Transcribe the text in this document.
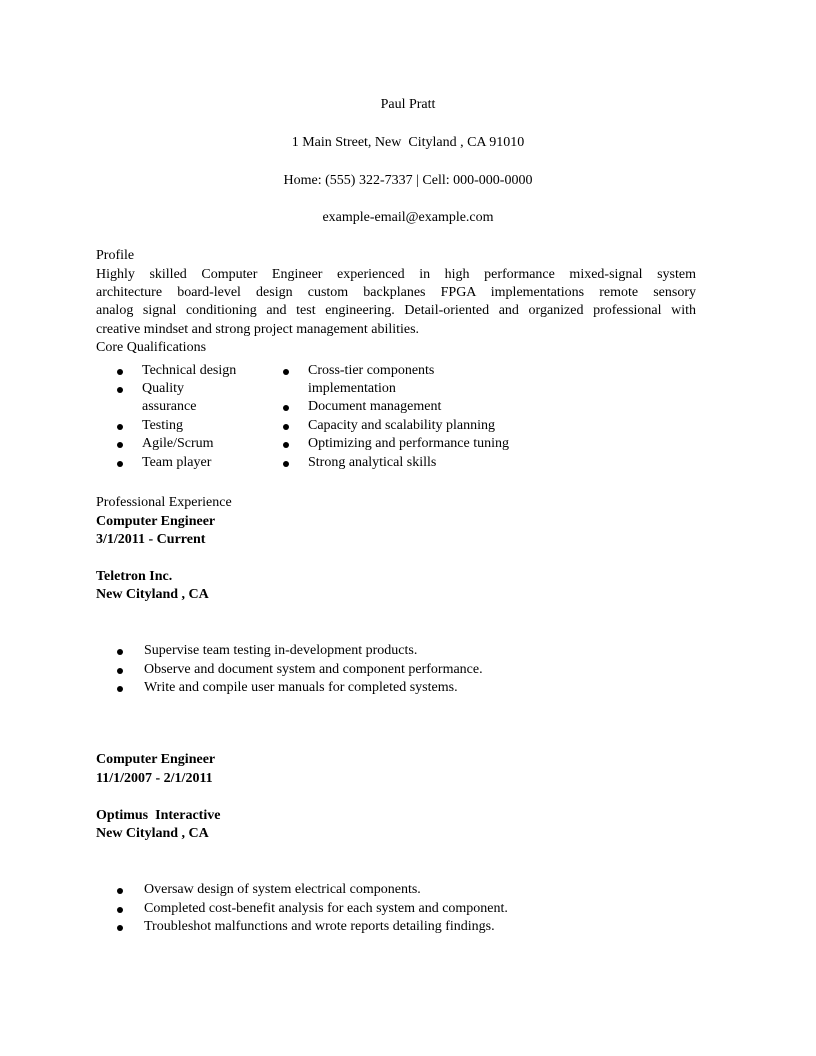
Paul Pratt
1 Main Street, New  Cityland , CA 91010
Home: (555) 322-7337 | Cell: 000-000-0000
example-email@example.com
Profile
Highly skilled Computer Engineer experienced in high performance mixed-signal system
architecture board-level design custom backplanes FPGA implementations remote sensory
analog signal conditioning and test engineering. Detail-oriented and organized professional with
creative mindset and strong project management abilities.
Core Qualifications
Technical design
Quality
assurance
Testing
Agile/Scrum
Team player
Cross-tier components
implementation
Document management
Capacity and scalability planning
Optimizing and performance tuning
Strong analytical skills
Professional Experience
Computer Engineer
3/1/2011 - Current
Teletron Inc.
New Cityland , CA
Supervise team testing in-development products.
Observe and document system and component performance.
Write and compile user manuals for completed systems.
Computer Engineer
11/1/2007 - 2/1/2011
Optimus  Interactive
New Cityland , CA
Oversaw design of system electrical components.
Completed cost-benefit analysis for each system and component.
Troubleshot malfunctions and wrote reports detailing findings.
